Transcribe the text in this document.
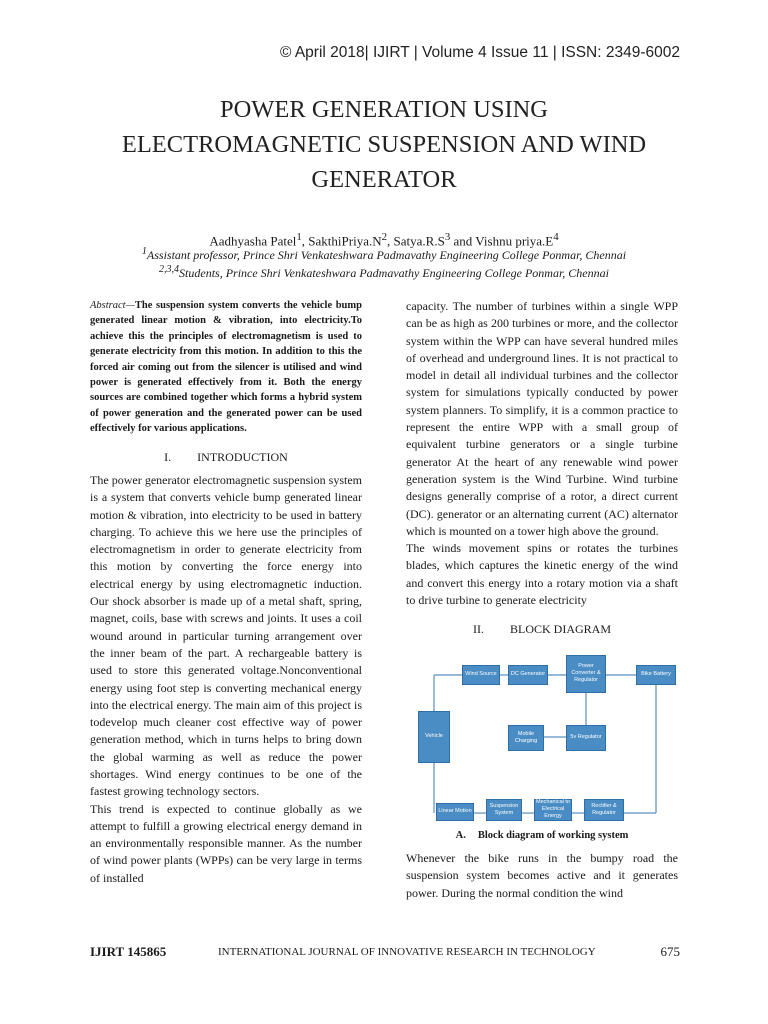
© April 2018| IJIRT | Volume 4 Issue 11 | ISSN: 2349-6002
POWER GENERATION USING
ELECTROMAGNETIC SUSPENSION AND WIND
GENERATOR
Aadhyasha Patel$^1$, $SakthiPriya.N^2$, $Satya.R.S^3$ and Vishnu $priya.E^4$
$^1$Assistant professor, Prince Shri Venkateshwara Padmavathy Engineering College Ponmar, Chennai
$^{2,3,4}$Students, Prince Shri Venkateshwara Padmavathy Engineering College Ponmar, Chennai

Abstract—The suspension system converts the vehicle bump generated linear motion & vibration, into electricity.To achieve this the principles of electromagnetism is used to generate electricity from this motion. In addition to this the forced air coming out from the silencer is utilised and wind power is generated effectively from it. Both the energy sources are combined together which forms a hybrid system of power generation and the generated power can be used effectively for various applications.

I. INTRODUCTION

The power generator electromagnetic suspension system is a system that converts vehicle bump generated linear motion & vibration, into electricity to be used in battery charging. To achieve this we here use the principles of electromagnetism in order to generate electricity from this motion by converting the force energy into electrical energy by using electromagnetic induction. Our shock absorber is made up of a metal shaft, spring, magnet, coils, base with screws and joints. It uses a coil wound around in particular turning arrangement over the inner beam of the part. A rechargeable battery is used to store this generated voltage.Nonconventional energy using foot step is converting mechanical energy into the electrical energy. The main aim of this project is todevelop much cleaner cost effective way of power generation method, which in turns helps to bring down the global warming as well as reduce the power shortages. Wind energy continues to be one of the fastest growing technology sectors.

This trend is expected to continue globally as we attempt to fulfill a growing electrical energy demand in an environmentally responsible manner. As the number of wind power plants (WPPs) can be very large in terms of installed

capacity. The number of turbines within a single WPP can be as high as 200 turbines or more, and the collector system within the WPP can have several hundred miles of overhead and underground lines. It is not practical to model in detail all individual turbines and the collector system for simulations typically conducted by power system planners. To simplify, it is a common practice to represent the entire WPP with a small group of equivalent turbine generators or a single turbine generator At the heart of any renewable wind power generation system is the Wind Turbine. Wind turbine designs generally comprise of a rotor, a direct current (DC). generator or an alternating current (AC) alternator which is mounted on a tower high above the ground.

The winds movement spins or rotates the turbines blades, which captures the kinetic energy of the wind and convert this energy into a rotary motion via a shaft to drive turbine to generate electricity

II. BLOCK DIAGRAM
Wind Source	DC Generator
Power Converter & Regulator
Bike Battery
Vehicle	Mobile Charging
5v Regulator
Linear Motion
Suspension System
Mechanical to Electrical Energy
Rectifier & Regulator
A. Block diagram of working system

Whenever the bike runs in the bumpy road the suspension system becomes active and it generates power. During the normal condition the wind

IJIRT 145865	INTERNATIONAL JOURNAL OF INNOVATIVE RESEARCH IN TECHNOLOGY	675
